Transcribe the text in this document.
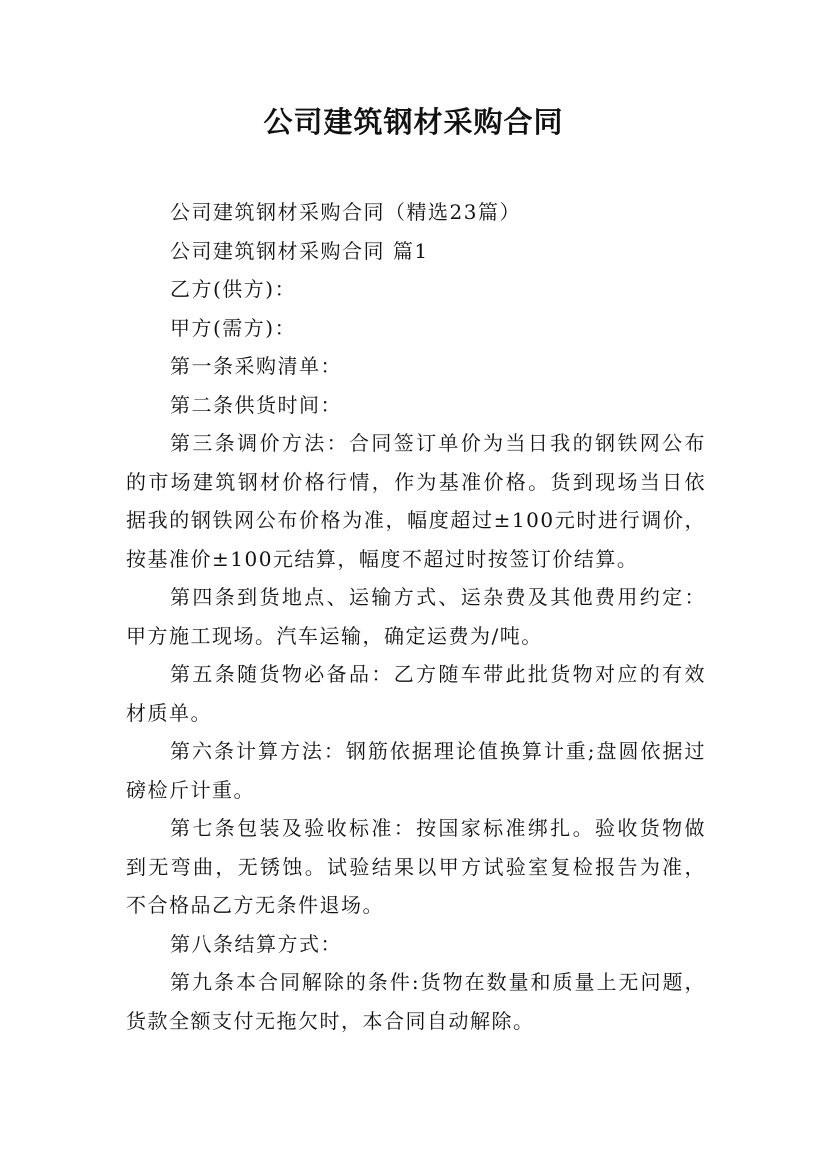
公司建筑钢材采购合同

公司建筑钢材采购合同（精选23篇）

公司建筑钢材采购合同 篇1

乙方(供方)：

甲方(需方)：

第一条采购清单：

第二条供货时间：

第三条调价方法：合同签订单价为当日我的钢铁网公布的市场建筑钢材价格行情，作为基准价格。货到现场当日依据我的钢铁网公布价格为准，幅度超过±100元时进行调价，按基准价±100元结算，幅度不超过时按签订价结算。

第四条到货地点、运输方式、运杂费及其他费用约定：甲方施工现场。汽车运输，确定运费为/吨。

第五条随货物必备品：乙方随车带此批货物对应的有效材质单。

第六条计算方法：钢筋依据理论值换算计重;盘圆依据过磅检斤计重。

第七条包装及验收标准：按国家标准绑扎。验收货物做到无弯曲，无锈蚀。试验结果以甲方试验室复检报告为准，不合格品乙方无条件退场。

第八条结算方式：

第九条本合同解除的条件:货物在数量和质量上无问题，货款全额支付无拖欠时，本合同自动解除。
